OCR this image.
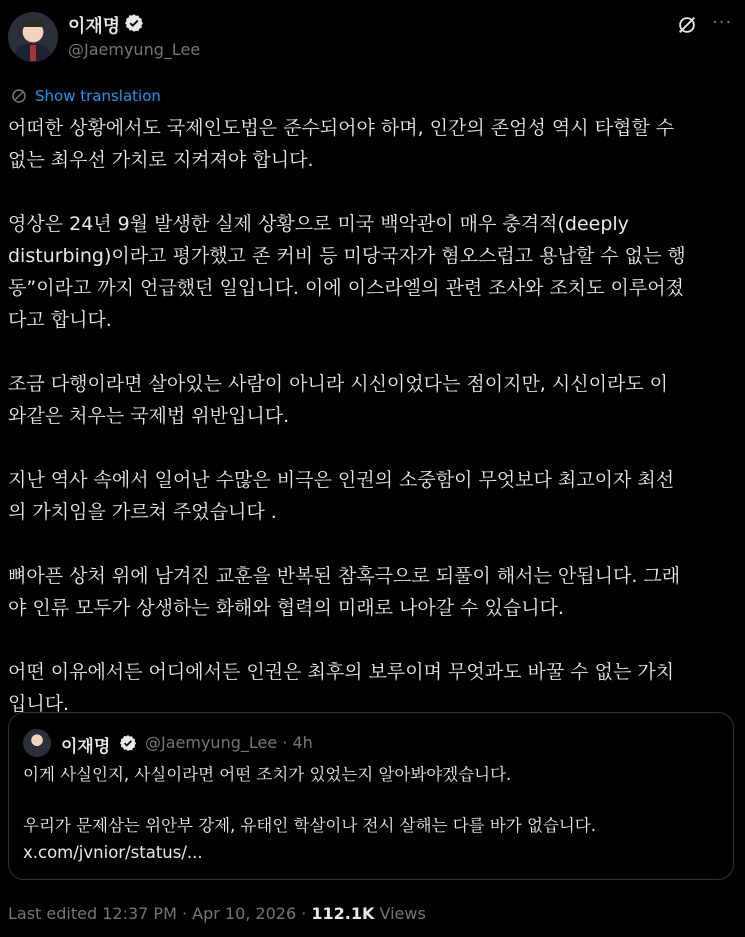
이재명
@Jaemyung_Lee
···
Show translation

어떠한 상황에서도 국제인도법은 준수되어야 하며, 인간의 존엄성 역시 타협할 수
없는 최우선 가치로 지켜져야 합니다.

영상은 24년 9월 발생한 실제 상황으로 미국 백악관이 매우 충격적(deeply
disturbing)이라고 평가했고 존 커비 등 미당국자가 혐오스럽고 용납할 수 없는 행
동”이라고 까지 언급했던 일입니다. 이에 이스라엘의 관련 조사와 조치도 이루어졌
다고 합니다.

조금 다행이라면 살아있는 사람이 아니라 시신이었다는 점이지만, 시신이라도 이
와같은 처우는 국제법 위반입니다.

지난 역사 속에서 일어난 수많은 비극은 인권의 소중함이 무엇보다 최고이자 최선
의 가치임을 가르쳐 주었습니다 .

뼈아픈 상처 위에 남겨진 교훈을 반복된 참혹극으로 되풀이 해서는 안됩니다. 그래
야 인류 모두가 상생하는 화해와 협력의 미래로 나아갈 수 있습니다.

어떤 이유에서든 어디에서든 인권은 최후의 보루이며 무엇과도 바꿀 수 없는 가치
입니다.

이재명 @Jaemyung_Lee · 4h
이게 사실인지, 사실이라면 어떤 조치가 있었는지 알아봐야겠습니다.
우리가 문제삼는 위안부 강제, 유태인 학살이나 전시 살해는 다를 바가 없습니다.
x.com/jvnior/status/...
Last edited 12:37 PM · Apr 10, 2026 · 112.1K Views
